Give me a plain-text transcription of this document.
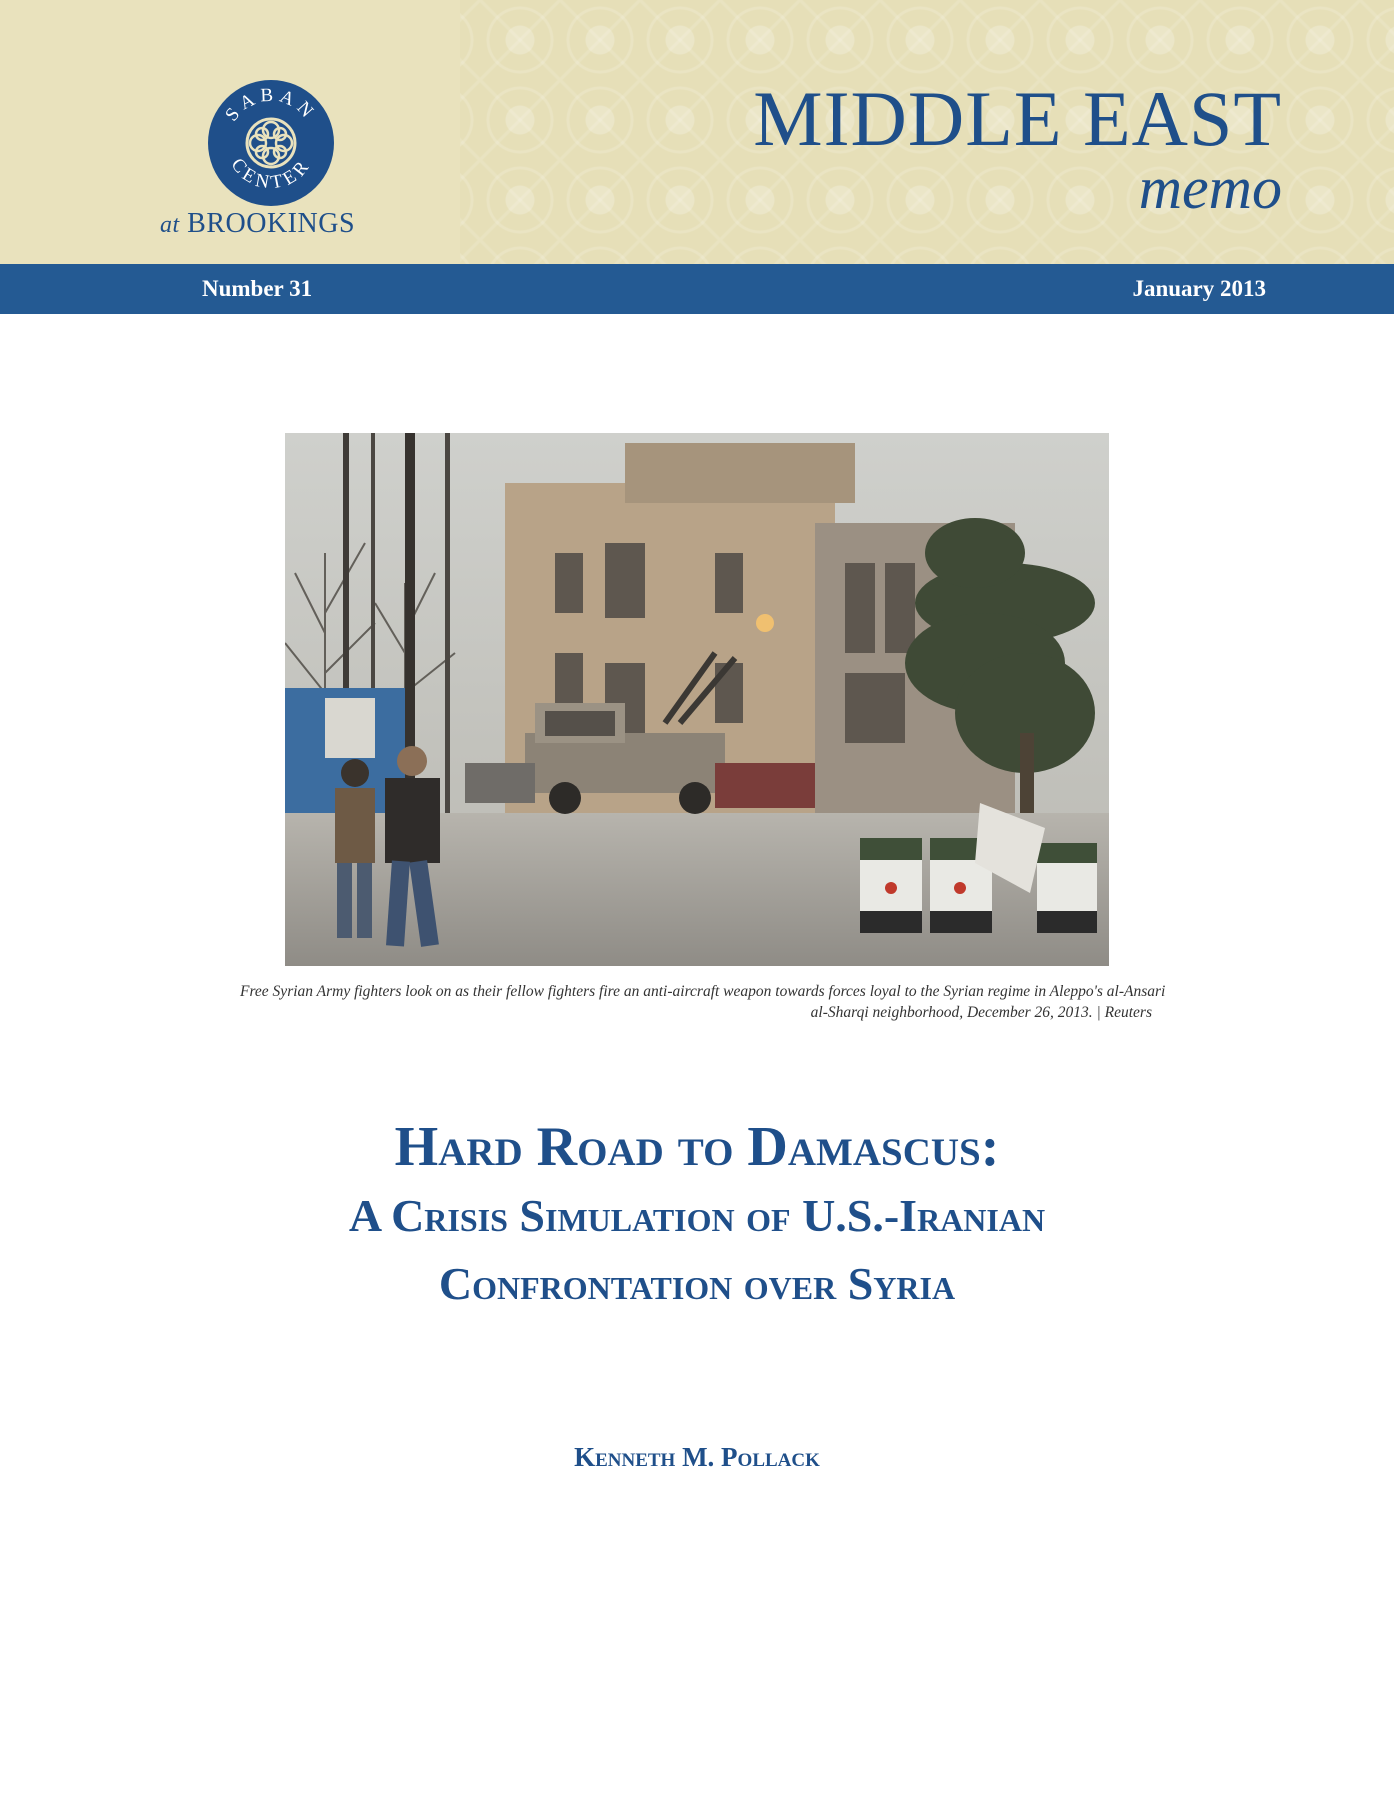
SABAN
CENTER
at BROOKINGS
MIDDLE EAST
memo
Number 31	January 2013
Free Syrian Army fighters look on as their fellow fighters fire an anti-aircraft weapon towards forces loyal to the Syrian regime in Aleppo's al-Ansari
al-Sharqi neighborhood, December 26, 2013. | Reuters
Hard Road to Damascus:
A Crisis Simulation of U.S.-Iranian
Confrontation over Syria
Kenneth M. Pollack
